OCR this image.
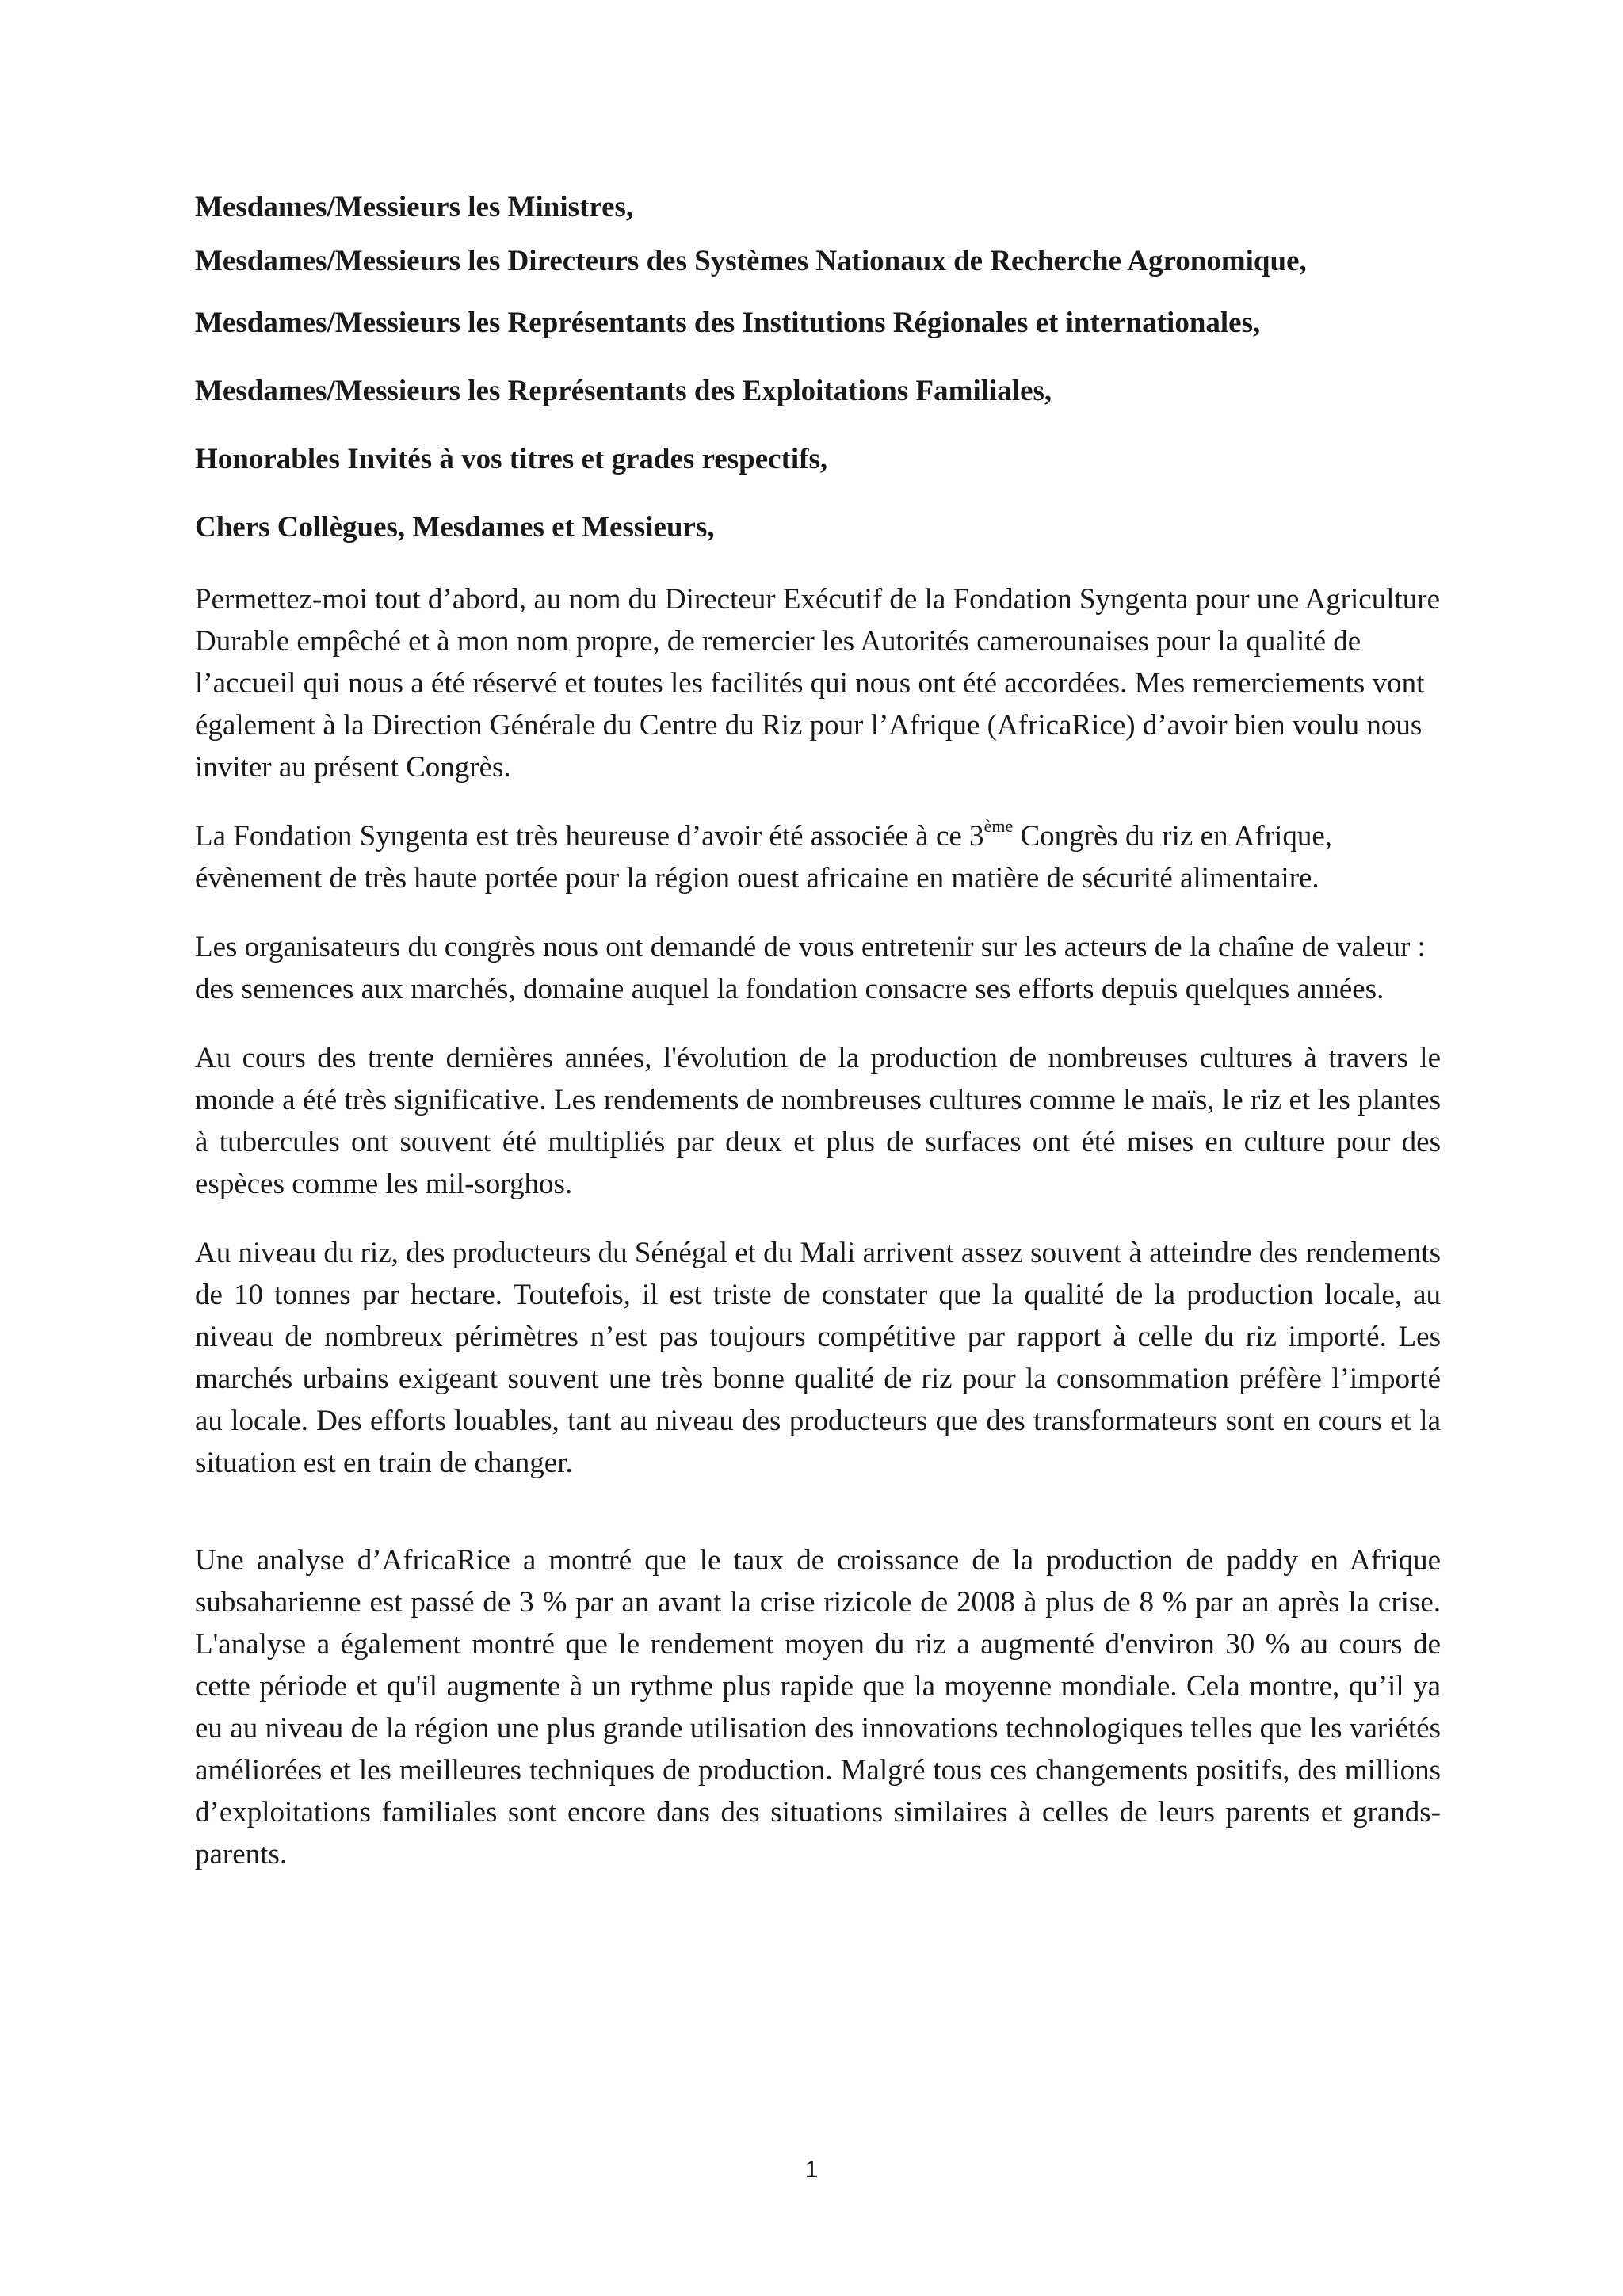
Mesdames/Messieurs les Ministres,

Mesdames/Messieurs les Directeurs des Systèmes Nationaux de Recherche Agronomique,

Mesdames/Messieurs les Représentants des Institutions Régionales et internationales,

Mesdames/Messieurs les Représentants des Exploitations Familiales,

Honorables Invités à vos titres et grades respectifs,

Chers Collègues, Mesdames et Messieurs,

Permettez-moi tout d’abord, au nom du Directeur Exécutif de la Fondation Syngenta pour une Agriculture Durable empêché et à mon nom propre, de remercier les Autorités camerounaises pour la qualité de l’accueil qui nous a été réservé et toutes les facilités qui nous ont été accordées. Mes remerciements vont également à la Direction Générale du Centre du Riz pour l’Afrique (AfricaRice) d’avoir bien voulu nous inviter au présent Congrès.

La Fondation Syngenta est très heureuse d’avoir été associée à ce 3ème Congrès du riz en Afrique, évènement de très haute portée pour la région ouest africaine en matière de sécurité alimentaire.

Les organisateurs du congrès nous ont demandé de vous entretenir sur les acteurs de la chaîne de valeur : des semences aux marchés, domaine auquel la fondation consacre ses efforts depuis quelques années.

Au cours des trente dernières années, l'évolution de la production de nombreuses cultures à travers le monde a été très significative. Les rendements de nombreuses cultures comme le maïs, le riz et les plantes à tubercules ont souvent été multipliés par deux et plus de surfaces ont été mises en culture pour des espèces comme les mil-sorghos.

Au niveau du riz, des producteurs du Sénégal et du Mali arrivent assez souvent à atteindre des rendements de 10 tonnes par hectare. Toutefois, il est triste de constater que la qualité de la production locale, au niveau de nombreux périmètres n’est pas toujours compétitive par rapport à celle du riz importé. Les marchés urbains exigeant souvent une très bonne qualité de riz pour la consommation préfère l’importé au locale. Des efforts louables, tant au niveau des producteurs que des transformateurs sont en cours et la situation est en train de changer.

Une analyse d’AfricaRice a montré que le taux de croissance de la production de paddy en Afrique subsaharienne est passé de 3 % par an avant la crise rizicole de 2008 à plus de 8 % par an après la crise. L'analyse a également montré que le rendement moyen du riz a augmenté d'environ 30 % au cours de cette période et qu'il augmente à un rythme plus rapide que la moyenne mondiale. Cela montre, qu’il ya eu au niveau de la région une plus grande utilisation des innovations technologiques telles que les variétés améliorées et les meilleures techniques de production. Malgré tous ces changements positifs, des millions d’exploitations familiales sont encore dans des situations similaires à celles de leurs parents et grands-parents.

1
